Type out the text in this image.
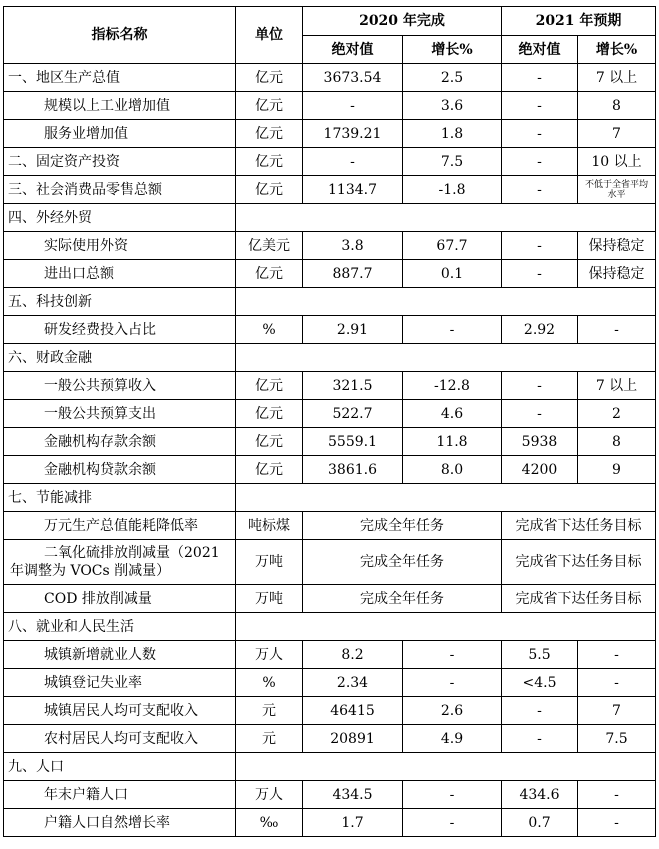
指标名称	单位	2020 年完成		2021 年预期	
		绝对值	增长%	绝对值	增长%
一、地区生产总值	亿元	3673.54	2.5	-	7 以上
规模以上工业增加值	亿元	-	3.6	-	8
服务业增加值	亿元	1739.21	1.8	-	7
二、固定资产投资	亿元	-	7.5	-	10 以上
三、社会消费品零售总额	亿元	1134.7	-1.8	-	不低于全省平均水平
四、外经外贸					
实际使用外资	亿美元	3.8	67.7	-	保持稳定
进出口总额	亿元	887.7	0.1	-	保持稳定
五、科技创新					
研发经费投入占比	%	2.91	-	2.92	-
六、财政金融					
一般公共预算收入	亿元	321.5	-12.8	-	7 以上
一般公共预算支出	亿元	522.7	4.6	-	2
金融机构存款余额	亿元	5559.1	11.8	5938	8
金融机构贷款余额	亿元	3861.6	8.0	4200	9
七、节能减排					
万元生产总值能耗降低率	吨标煤	完成全年任务		完成省下达任务目标	
二氧化硫排放削减量（2021 年调整为 VOCs 削减量）	万吨	完成全年任务		完成省下达任务目标	
COD 排放削减量	万吨	完成全年任务		完成省下达任务目标	
八、就业和人民生活					
城镇新增就业人数	万人	8.2	-	5.5	-
城镇登记失业率	%	2.34	-	<4.5	-
城镇居民人均可支配收入	元	46415	2.6	-	7
农村居民人均可支配收入	元	20891	4.9	-	7.5
九、人口					
年末户籍人口	万人	434.5	-	434.6	-
户籍人口自然增长率	‰	1.7	-	0.7	-
